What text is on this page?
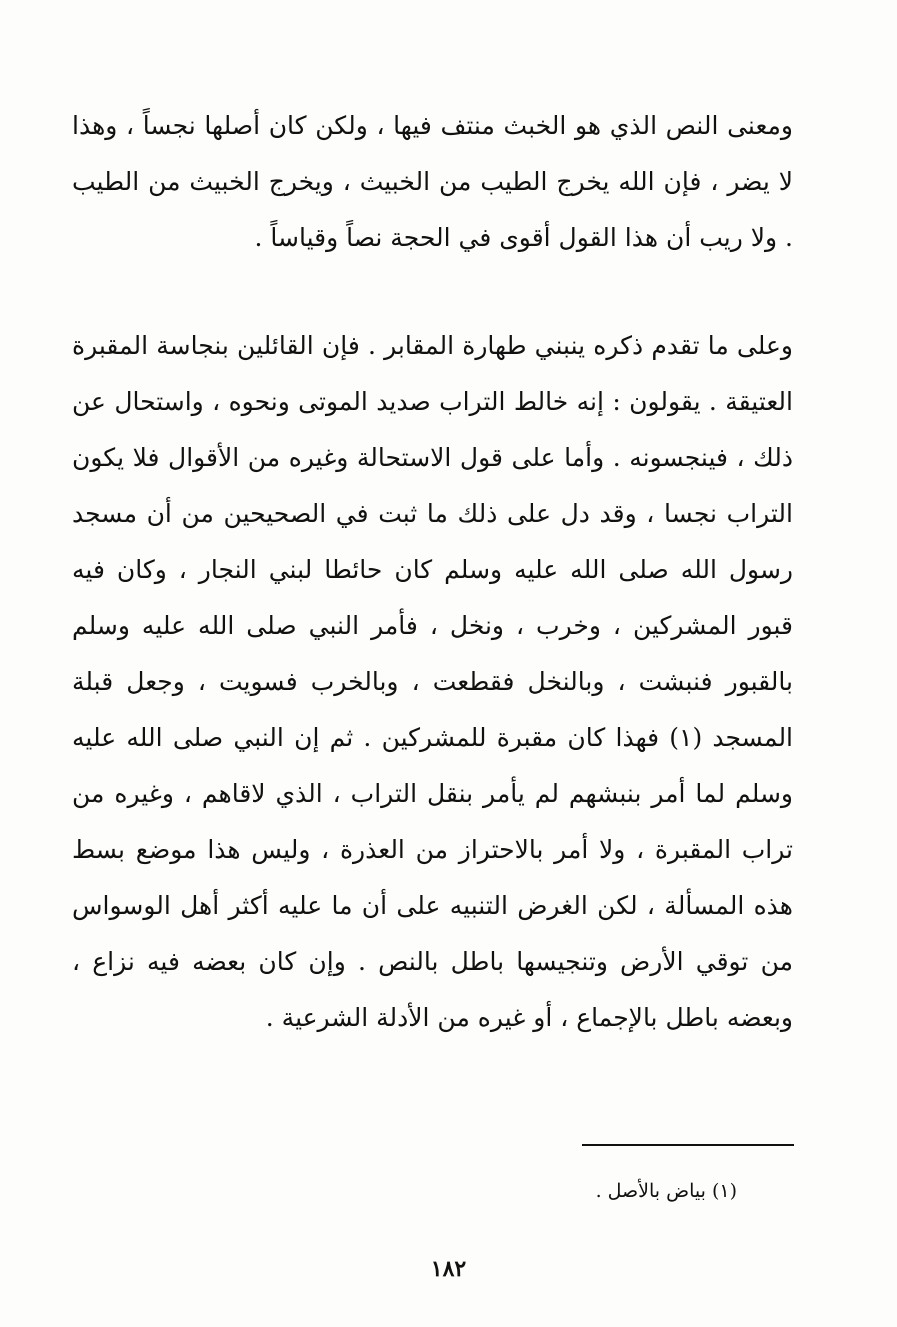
ومعنى النص الذي هو الخبث منتف فيها ، ولكن كان أصلها نجساً ، وهذا لا يضر ، فإن الله يخرج الطيب من الخبيث ، ويخرج الخبيث من الطيب . ولا ريب أن هذا القول أقوى في الحجة نصاً وقياساً .

وعلى ما تقدم ذكره ينبني طهارة المقابر . فإن القائلين بنجاسة المقبرة العتيقة . يقولون : إنه خالط التراب صديد الموتى ونحوه ، واستحال عن ذلك ، فينجسونه . وأما على قول الاستحالة وغيره من الأقوال فلا يكون التراب نجسا ، وقد دل على ذلك ما ثبت في الصحيحين من أن مسجد رسول الله صلى الله عليه وسلم كان حائطا لبني النجار ، وكان فيه قبور المشركين ، وخرب ، ونخل ، فأمر النبي صلى الله عليه وسلم بالقبور فنبشت ، وبالنخل فقطعت ، وبالخرب فسويت ، وجعل قبلة المسجد (١) فهذا كان مقبرة للمشركين . ثم إن النبي صلى الله عليه وسلم لما أمر بنبشهم لم يأمر بنقل التراب ، الذي لاقاهم ، وغيره من تراب المقبرة ، ولا أمر بالاحتراز من العذرة ، وليس هذا موضع بسط هذه المسألة ، لكن الغرض التنبيه على أن ما عليه أكثر أهل الوسواس من توقي الأرض وتنجيسها باطل بالنص . وإن كان بعضه فيه نزاع ، وبعضه باطل بالإجماع ، أو غيره من الأدلة الشرعية .

(١) بياض بالأصل .
١٨٢
